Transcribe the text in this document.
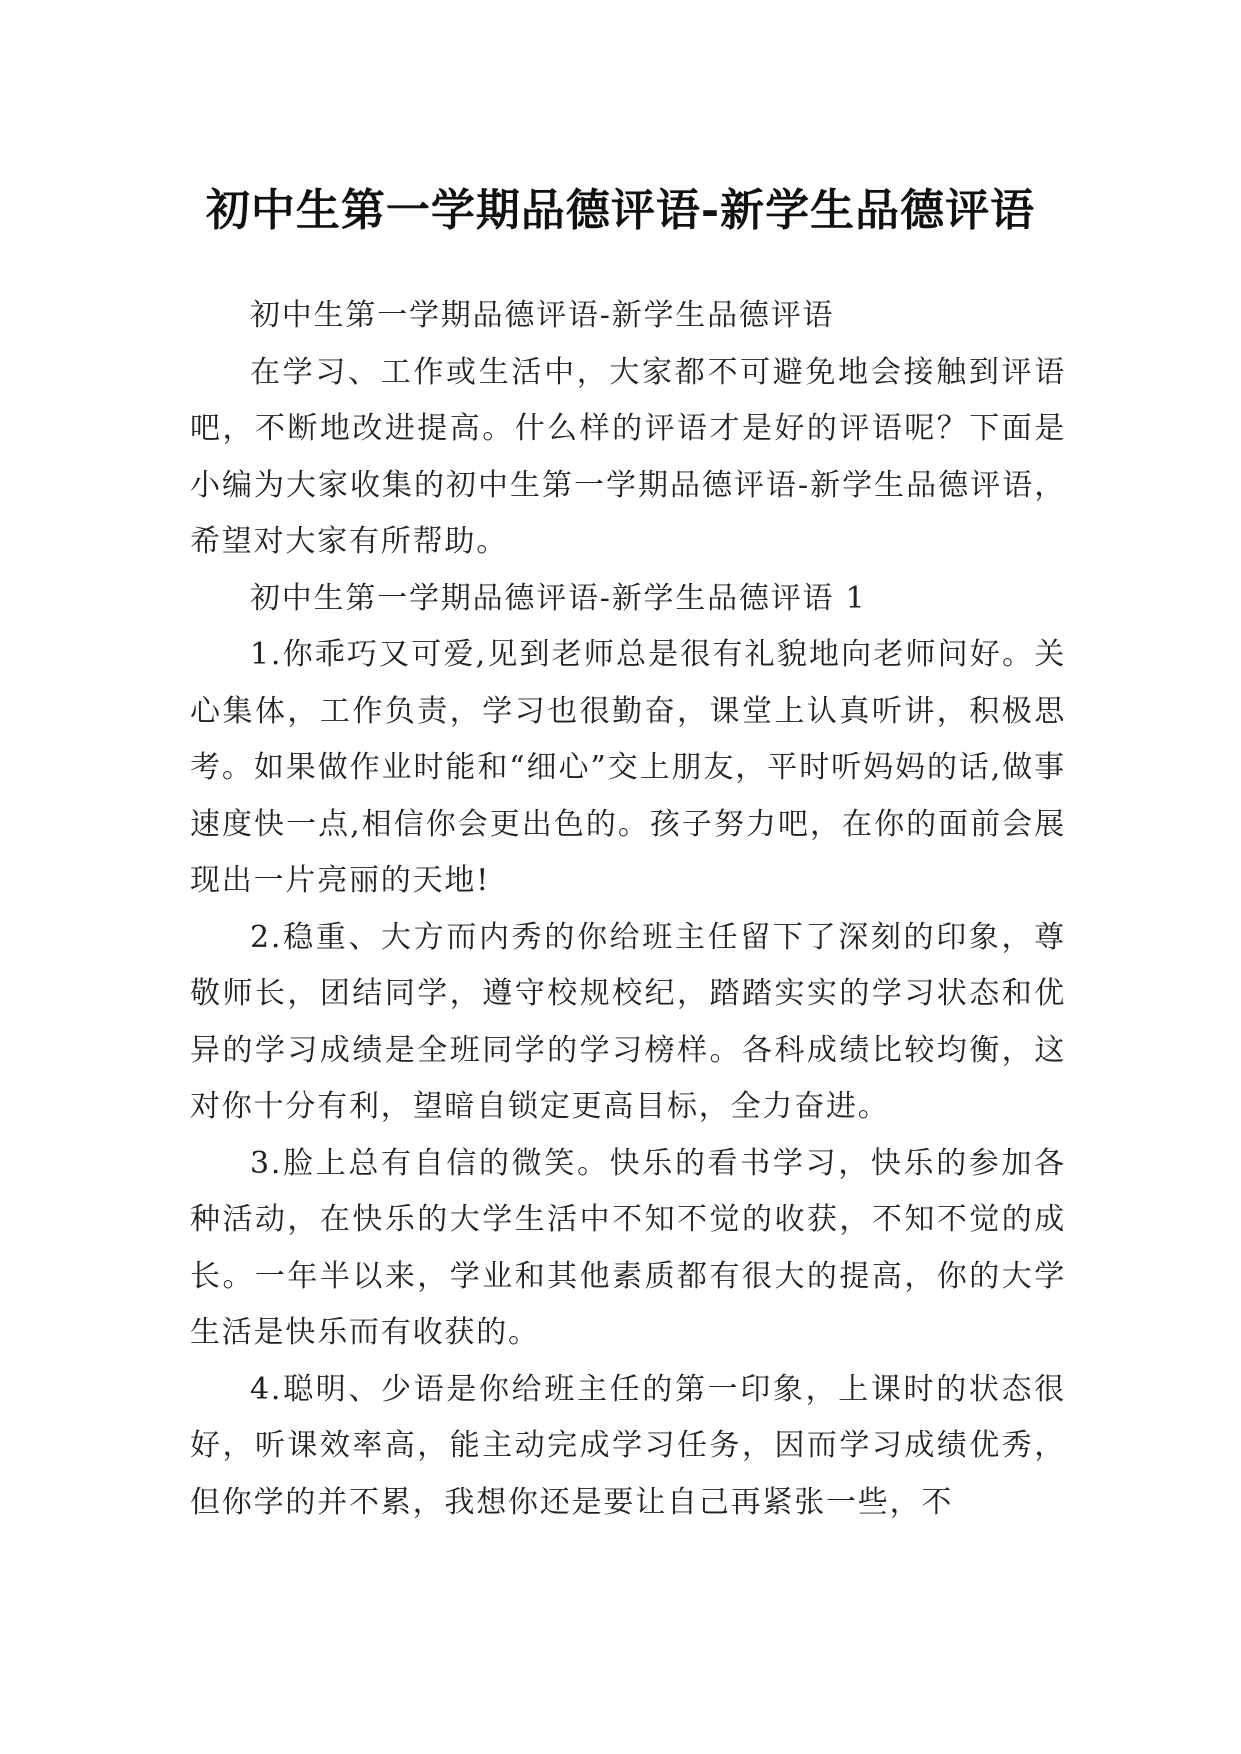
初中生第一学期品德评语-新学生品德评语

初中生第一学期品德评语-新学生品德评语

在学习、工作或生活中，大家都不可避免地会接触到评语吧，不断地改进提高。什么样的评语才是好的评语呢？下面是小编为大家收集的初中生第一学期品德评语-新学生品德评语，希望对大家有所帮助。

初中生第一学期品德评语-新学生品德评语 1

1.你乖巧又可爱,见到老师总是很有礼貌地向老师问好。关心集体，工作负责，学习也很勤奋，课堂上认真听讲，积极思考。如果做作业时能和“细心”交上朋友，平时听妈妈的话,做事速度快一点,相信你会更出色的。孩子努力吧，在你的面前会展现出一片亮丽的天地!

2.稳重、大方而内秀的你给班主任留下了深刻的印象，尊敬师长，团结同学，遵守校规校纪，踏踏实实的学习状态和优异的学习成绩是全班同学的学习榜样。各科成绩比较均衡，这对你十分有利，望暗自锁定更高目标，全力奋进。

3.脸上总有自信的微笑。快乐的看书学习，快乐的参加各种活动，在快乐的大学生活中不知不觉的收获，不知不觉的成长。一年半以来，学业和其他素质都有很大的提高，你的大学生活是快乐而有收获的。

4.聪明、少语是你给班主任的第一印象，上课时的状态很好，听课效率高，能主动完成学习任务，因而学习成绩优秀，但你学的并不累，我想你还是要让自己再紧张一些，不
